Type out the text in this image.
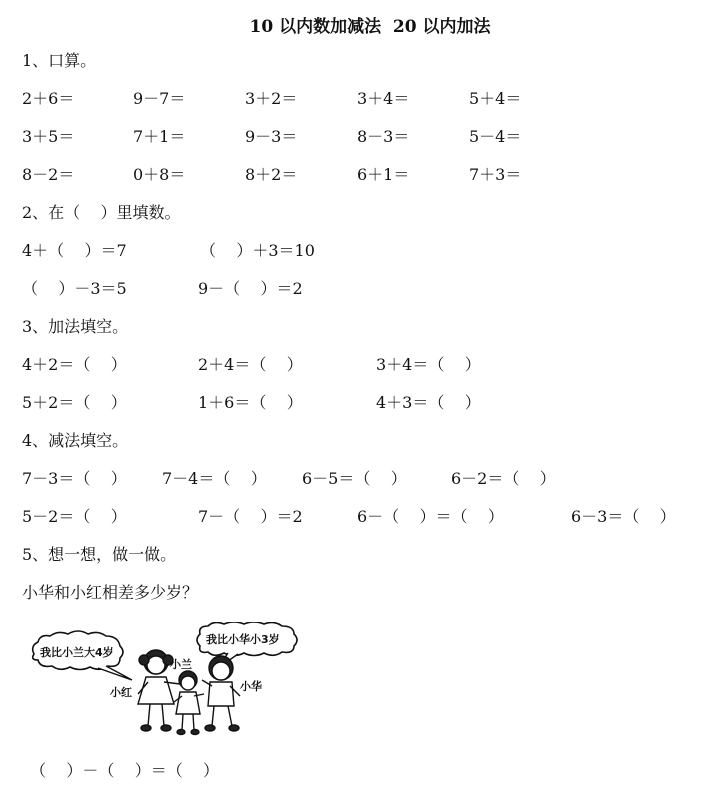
10 以内数加减法  20 以内加法
1、口算。
2＋6＝	9－7＝	3＋2＝	3＋4＝	5＋4＝
3＋5＝	7＋1＝	9－3＝	8－3＝	5－4＝
8－2＝	0＋8＝	8＋2＝	6＋1＝	7＋3＝
2、在（    ）里填数。
4＋（    ）＝7	（    ）＋3＝10
（    ）－3＝5	9－（    ）＝2
3、加法填空。
4＋2＝（    ）	2＋4＝（    ）	3＋4＝（    ）
5＋2＝（    ）	1＋6＝（    ）	4＋3＝（    ）
4、减法填空。
7－3＝（    ） 7－4＝（    ） 6－5＝（    ）	6－2＝（    ）
5－2＝（    ）	7－（    ）＝2	6－（    ）＝（    ）	6－3＝（    ）
5、想一想，做一做。
小华和小红相差多少岁？
我比小兰大4岁
我比小华小3岁
小红
小兰
小华
（    ）－（    ）＝（    ）
